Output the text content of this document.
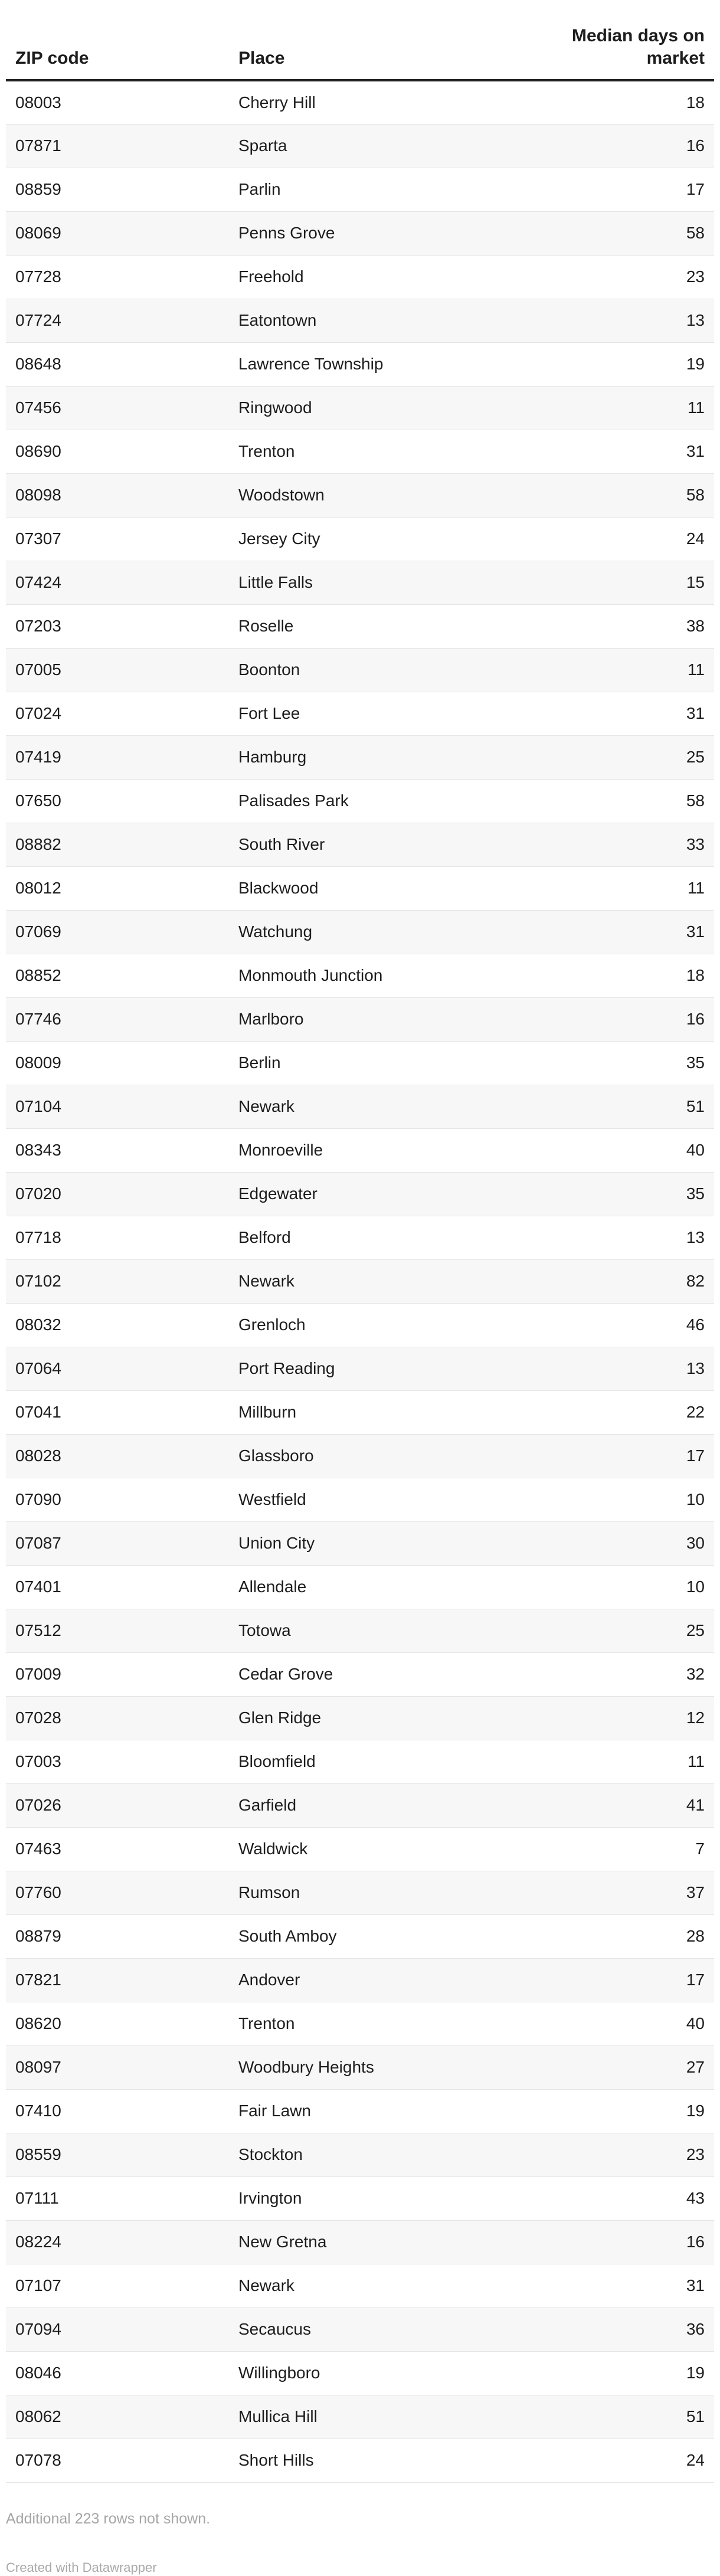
ZIP code	Place	Median days on market
08003	Cherry Hill	18
07871	Sparta	16
08859	Parlin	17
08069	Penns Grove	58
07728	Freehold	23
07724	Eatontown	13
08648	Lawrence Township	19
07456	Ringwood	11
08690	Trenton	31
08098	Woodstown	58
07307	Jersey City	24
07424	Little Falls	15
07203	Roselle	38
07005	Boonton	11
07024	Fort Lee	31
07419	Hamburg	25
07650	Palisades Park	58
08882	South River	33
08012	Blackwood	11
07069	Watchung	31
08852	Monmouth Junction	18
07746	Marlboro	16
08009	Berlin	35
07104	Newark	51
08343	Monroeville	40
07020	Edgewater	35
07718	Belford	13
07102	Newark	82
08032	Grenloch	46
07064	Port Reading	13
07041	Millburn	22
08028	Glassboro	17
07090	Westfield	10
07087	Union City	30
07401	Allendale	10
07512	Totowa	25
07009	Cedar Grove	32
07028	Glen Ridge	12
07003	Bloomfield	11
07026	Garfield	41
07463	Waldwick	7
07760	Rumson	37
08879	South Amboy	28
07821	Andover	17
08620	Trenton	40
08097	Woodbury Heights	27
07410	Fair Lawn	19
08559	Stockton	23
07111	Irvington	43
08224	New Gretna	16
07107	Newark	31
07094	Secaucus	36
08046	Willingboro	19
08062	Mullica Hill	51
07078	Short Hills	24
Additional 223 rows not shown.
Created with Datawrapper
